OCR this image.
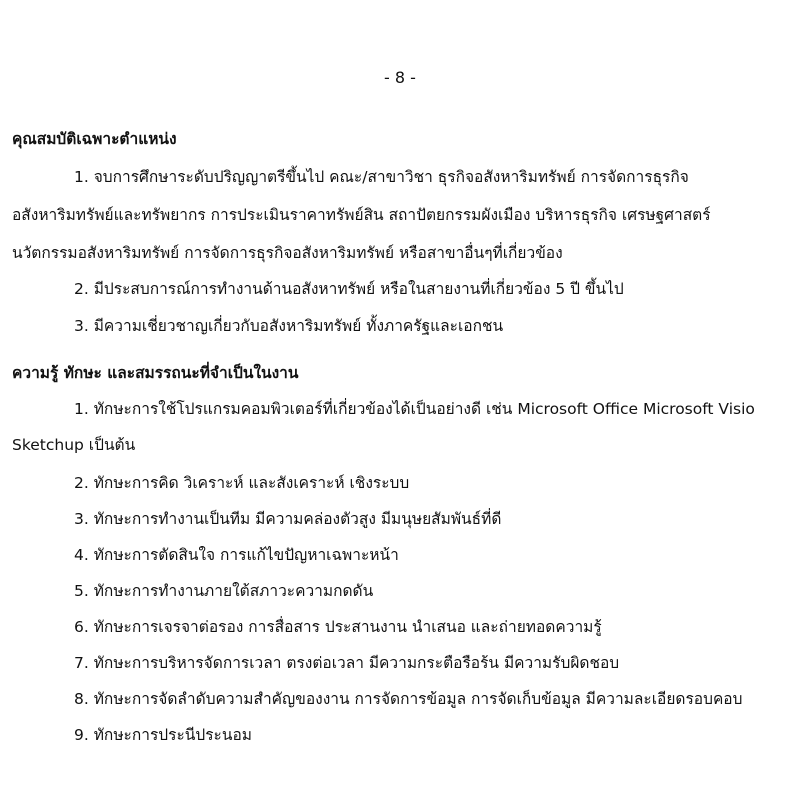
- 8 -
คุณสมบัติเฉพาะตำแหน่ง
1. จบการศึกษาระดับปริญญาตรีขึ้นไป คณะ/สาขาวิชา ธุรกิจอสังหาริมทรัพย์ การจัดการธุรกิจ
อสังหาริมทรัพย์และทรัพยากร การประเมินราคาทรัพย์สิน สถาปัตยกรรมผังเมือง บริหารธุรกิจ เศรษฐศาสตร์
นวัตกรรมอสังหาริมทรัพย์ การจัดการธุรกิจอสังหาริมทรัพย์ หรือสาขาอื่นๆที่เกี่ยวข้อง
2. มีประสบการณ์การทำงานด้านอสังหาทรัพย์ หรือในสายงานที่เกี่ยวข้อง 5 ปี ขึ้นไป
3. มีความเชี่ยวชาญเกี่ยวกับอสังหาริมทรัพย์ ทั้งภาครัฐและเอกชน
ความรู้ ทักษะ และสมรรถนะที่จำเป็นในงาน
1. ทักษะการใช้โปรแกรมคอมพิวเตอร์ที่เกี่ยวข้องได้เป็นอย่างดี เช่น Microsoft Office Microsoft Visio
Sketchup เป็นต้น
2. ทักษะการคิด วิเคราะห์ และสังเคราะห์ เชิงระบบ
3. ทักษะการทำงานเป็นทีม มีความคล่องตัวสูง มีมนุษยสัมพันธ์ที่ดี
4. ทักษะการตัดสินใจ การแก้ไขปัญหาเฉพาะหน้า
5. ทักษะการทำงานภายใต้สภาวะความกดดัน
6. ทักษะการเจรจาต่อรอง การสื่อสาร ประสานงาน นำเสนอ และถ่ายทอดความรู้
7. ทักษะการบริหารจัดการเวลา ตรงต่อเวลา มีความกระตือรือร้น มีความรับผิดชอบ
8. ทักษะการจัดลำดับความสำคัญของงาน การจัดการข้อมูล การจัดเก็บข้อมูล มีความละเอียดรอบคอบ
9. ทักษะการประนีประนอม
